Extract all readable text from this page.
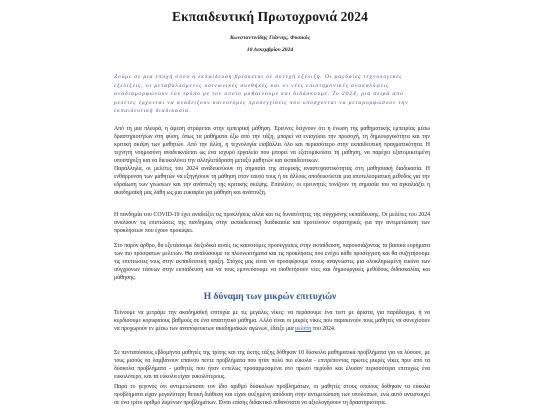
Εκπαιδευτική Πρωτοχρονιά 2024

Κωνσταντινίδης Γιάννης, Φυσικός

10 Δεκεμβρίου 2024

Ζούμε σε μια εποχή όπου η εκπαίδευση βρίσκεται σε συνεχή εξέλιξη. Οι ραγδαίες τεχνολογικές εξελίξεις, οι μεταβαλλόμενες κοινωνικές συνθήκες και οι νέες επιστημονικές ανακαλύψεις αναδιαμορφώνουν τον τρόπο με τον οποίο μαθαίνουμε και διδάσκουμε. Το 2024, μια σειρά από μελέτες έρχονται να αναδείξουν καινοτόμες προσεγγίσεις που υπόσχονται να μεταμορφώσουν την εκπαιδευτική διαδικασία.

Από τη μια πλευρά, η άμεση στρέφεται στην εμπειρική μάθηση. Έρευνες δείχνουν ότι η ένωση της μαθηματικής εμπειρίας μέσω δραστηριοτήτων στη φύση, όπως τα μαθήματα έξω από την τάξη, μπορεί να ενισχύσει την προσοχή, τη δημιουργικότητα και την κριτική σκέψη των μαθητών. Από την άλλη, η τεχνολογία εισβάλλει όλο και περισσότερο στην εκπαιδευτική πραγματικότητα. Η τεχνητή νοημοσύνη αναδεικνύεται ως ένα ισχυρό εργαλείο που μπορεί να εξατομικεύσει τη μάθηση, να παρέχει εξατομικευμένη υποστήριξη και να διευκολύνει την αλληλεπίδραση μεταξύ μαθητών και εκπαιδευτικών.

Παράλληλα, οι μελέτες του 2024 αναδεικνύουν τη σημασία της ατομικής αναστοχαστικότητας στη μαθησιακή διαδικασία. Η ενθάρρυνση των μαθητών να εξηγήσουν τη μάθηση στον εαυτό τους ή σε άλλους αποδεικνύεται μια αποτελεσματική μέθοδος για την εδραίωση των γνώσεων και την ανάπτυξη της κριτικής σκέψης. Επιπλέον, οι ερευνητές τονίζουν τη σημασία του να αγκαλιάζει η ακαδημαϊκή μας λάθη ως μια ευκαιρία για μάθηση και ανάπτυξη.

Η πανδημία του COVID-19 έχει αναδείξει τις προκλήσεις αλλά και τις δυνατότητες της σύγχρονης εκπαίδευσης. Οι μελέτες του 2024 αναλύουν τις επιπτώσεις της πανδημίας στην εκπαιδευτική διαδικασία και προτείνουν στρατηγικές για την αντιμετώπιση των προκλήσεων που έχουν προκύψει.

Στο παρόν άρθρο, θα εξετάσουμε διεξοδικά αυτές τις καινοτόμες προσεγγίσεις στην εκπαίδευση, παρουσιάζοντας τα βασικά ευρήματα των πιο πρόσφατων μελετών. Θα αναλύσουμε τα πλεονεκτήματα και τις προκλήσεις που ενέχει κάθε προσέγγιση και θα συζητήσουμε τις επιπτώσεις τους στην εκπαιδευτική πράξη. Στόχος μας είναι να προσφέρουμε στους αναγνώστες μια ολοκληρωμένη εικόνα των σύγχρονων τάσεων στην εκπαίδευση και να τους εμπνεύσουμε να υιοθετήσουν νέες και δημιουργικές μεθόδους διδασκαλίας και μάθησης.

Η δύναμη των μικρών επιτυχιών

Τείνουμε να μετράμε την ακαδημαϊκή επιτυχία με τις μεγάλες νίκες: να περάσουμε ένα τεστ με άριστα, για παράδειγμα, ή να κερδίσουμε κορυφαίους βαθμούς σε ένα απαιτητικό μάθημα. Αλλά είναι οι μικρές νίκες που παρακινούν τους μαθητές να συνεχίσουν να προχωρούν εν μέσω των αναπόφευκτων ακαδημαϊκών αγώνων, έδειξε μια μελέτη του 2024.

Σε πενταπόσιους εβδομήντα μαθητές της τρίτης και της έκτης τάξης δόθηκαν 10 δύσκολα μαθηματικά προβλήματα για να λύσουν, με τους μισούς να λαμβάνουν επαίνου πέντε προβλήματα που ήταν πολύ πιο εύκολα - επιτρέποντας πρώτες μικρές νίκες πριν από τα δύσκολα προβλήματα - μαθητές που ήταν εντελώς προσαρμοσμένα στο πρώτο περίοδο και έλυσαν περισσότερα επιτυχώς ένα ευκολότερο, και τα εύκολα είχαν ευκολότερους.

Παρά το γεγονός ότι αντιμετώπισαν τον ίδιο αριθμό δύσκολων προβλημάτων, οι μαθητές στους οποίους δόθηκαν τα εύκολα προβλήματα είχαν μεγαλύτερη θετική διάθεση και είχαν αυξημένη απόδοση στην αντιμετώπιση των υπολοίπων, ενώ αυτό αντιστοιχεί σε ένα τρίτο αριθμό λυμένων προβλημάτων. Είναι επίσης διδακτικό πιθανότατα να αξιολογήσουν τη δραστηριότητα.
